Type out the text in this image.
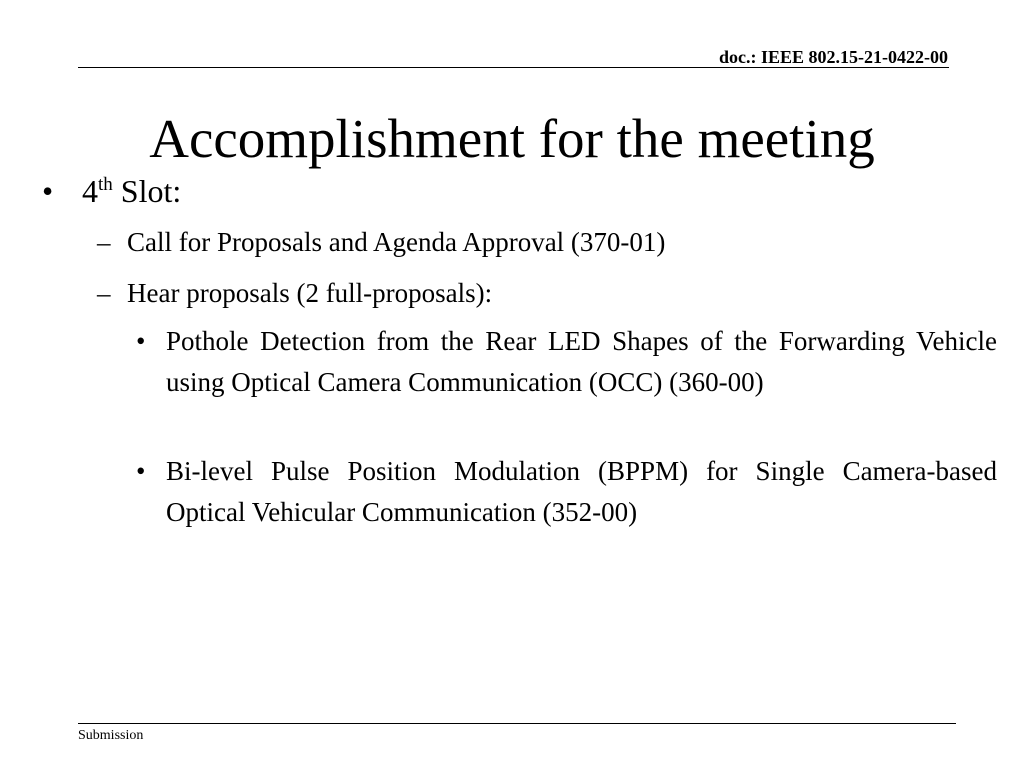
doc.: IEEE 802.15-21-0422-00
Accomplishment for the meeting
• 4th Slot:
– Call for Proposals and Agenda Approval (370-01)
– Hear proposals (2 full-proposals):
• Pothole Detection from the Rear LED Shapes of the Forwarding Vehicle using Optical Camera Communication (OCC) (360-00)
• Bi-level Pulse Position Modulation (BPPM) for Single Camera-based Optical Vehicular Communication (352-00)
Submission
